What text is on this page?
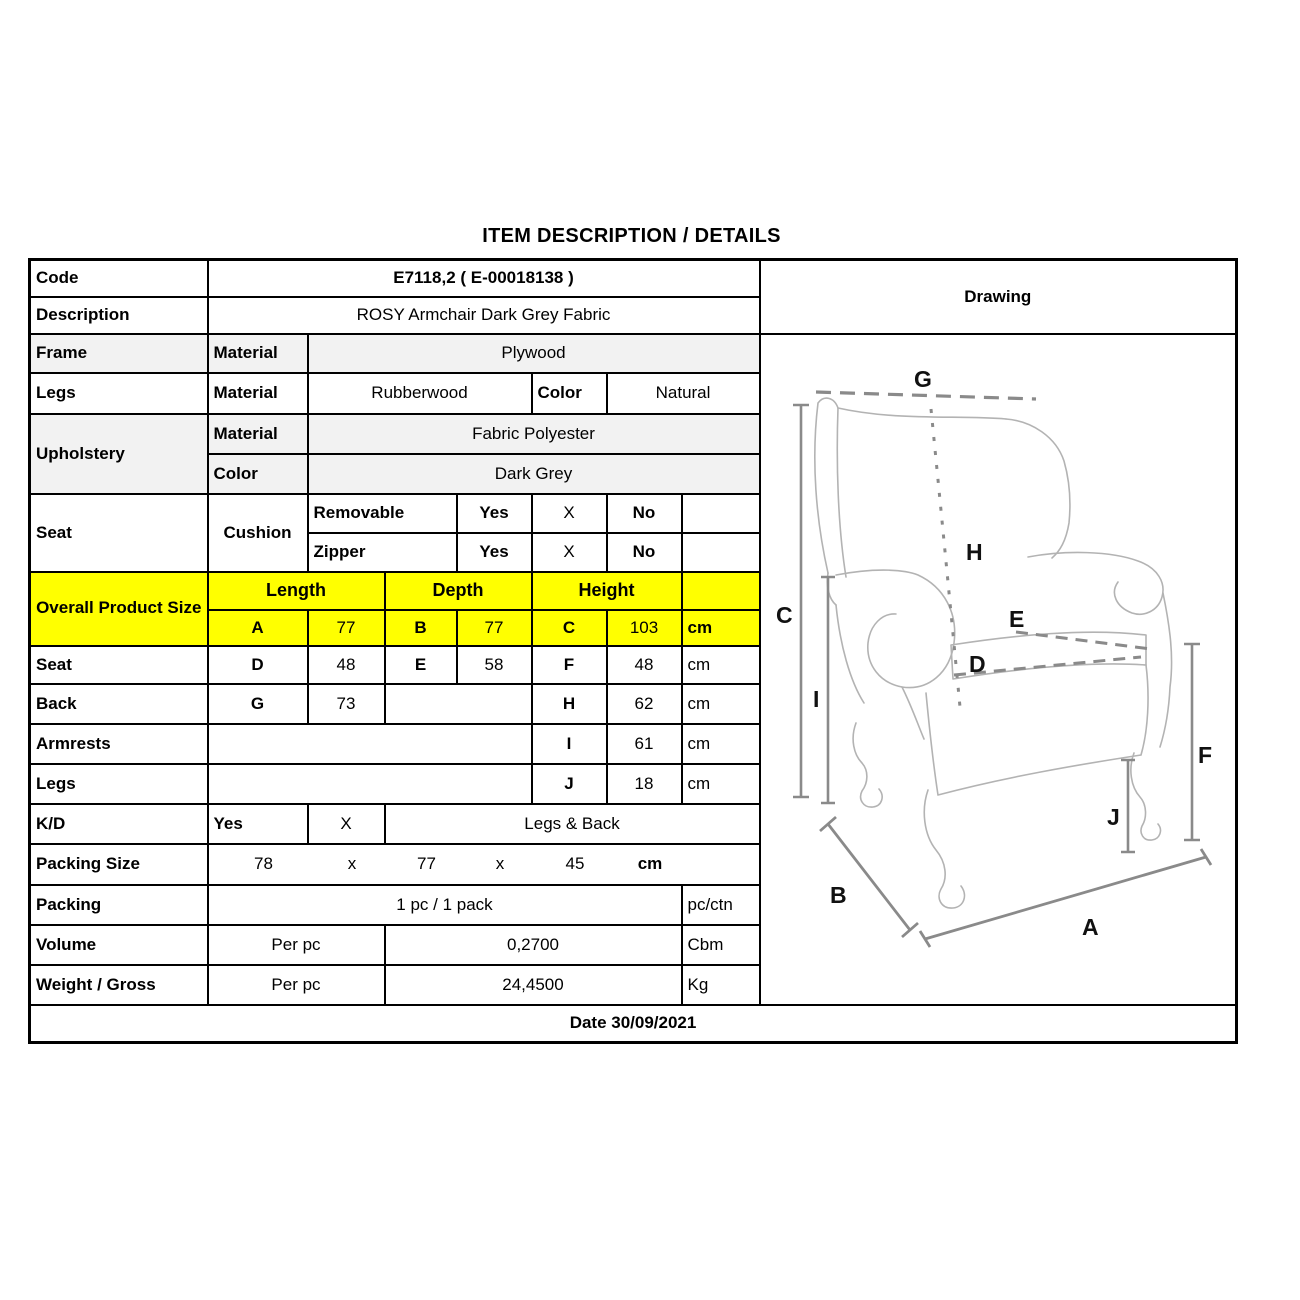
ITEM DESCRIPTION / DETAILS
Code	E7118,2 ( E-00018138 )							Drawing
Description	ROSY Armchair Dark Grey Fabric							
Frame	Material	Plywood	
G
C
H
I
E
D
F
J
B
A

Legs	Material	Rubberwood			Color	Natural		
Upholstery	Material	Fabric Polyester						
	Color	Dark Grey						
Seat	Cushion	Removable		Yes	X	No		
		Zipper		Yes	X	No		
Overall Product Size	Length		Depth		Height			
	A	77	B	77	C	103	cm	
Seat	D	48	E	58	F	48	cm	
Back	G	73			H	62	cm	
Armrests					I	61	cm	
Legs					J	18	cm	
K/D	Yes	X	Legs & Back					
Packing Size	78 x 77 x 45 cm							
Packing	1 pc / 1 pack						pc/ctn	
Volume	Per pc		0,2700				Cbm	
Weight / Gross	Per pc		24,4500				Kg	
Date 30/09/2021								
